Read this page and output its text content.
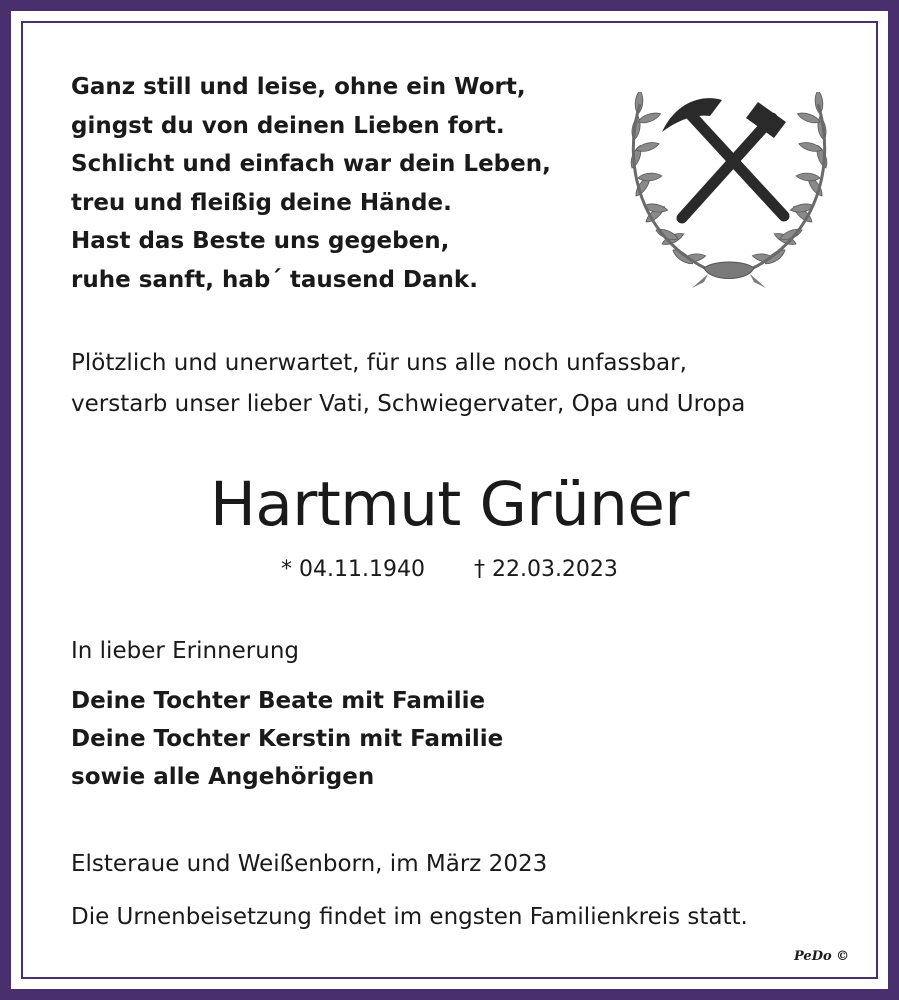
Ganz still und leise, ohne ein Wort,
gingst du von deinen Lieben fort.
Schlicht und einfach war dein Leben,
treu und fleißig deine Hände.
Hast das Beste uns gegeben,
ruhe sanft, hab´ tausend Dank.
Plötzlich und unerwartet, für uns alle noch unfassbar,
verstarb unser lieber Vati, Schwiegervater, Opa und Uropa
Hartmut Grüner
* 04.11.1940 † 22.03.2023
In lieber Erinnerung
Deine Tochter Beate mit Familie
Deine Tochter Kerstin mit Familie
sowie alle Angehörigen
Elsteraue und Weißenborn, im März 2023
Die Urnenbeisetzung findet im engsten Familienkreis statt.
PeDo ©
